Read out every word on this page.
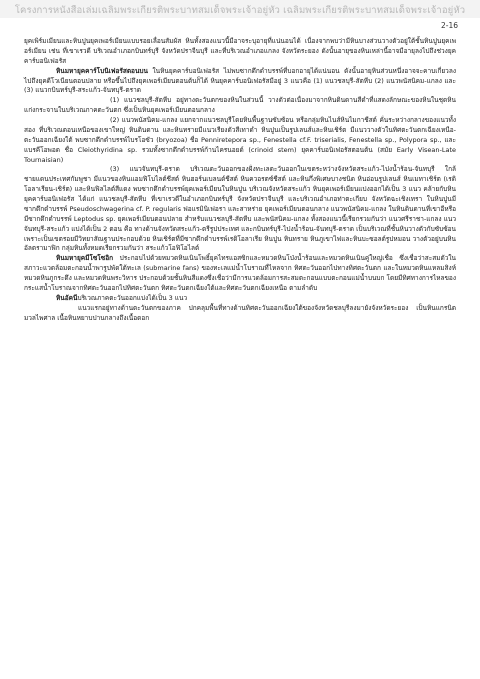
โครงการหนังสือเล่มเฉลิมพระเกียรติพระบาทสมเด็จพระเจ้าอยู่หัว เฉลิมพระเกียรติพระบาทสมเด็จพระเจ้าอยู่หัว
2-16

ยุคเพิร์มเมียนและหินปูนยุคเพอร์เมียนแบบรอยเลื่อนสัมผัส หินทั้งสองแนวนี้มีอาจระบุอายุที่แน่นอนได้ เนื่องจากพบว่ามีหินบางส่วนวางตัวอยู่ใต้ชั้นหินปูนยุคเพอร์เมียน เช่น ที่เขาเรวดี บริเวณอำเภอกบินทร์บุรี จังหวัดปราจีนบุรี และที่บริเวณอำเภอแกลง จังหวัดระยอง ดังนั้นอายุของหินเหล่านี้อาจมีอายุลงไปถึงช่วงยุคคาร์บอนิเฟอรัส

หินมหายุคคาร์โบนิเฟอรัสตอนบน ในหินยุคคาร์บอนิเฟอรัส ไม่พบซากดึกดำบรรพ์ที่บอกอายุได้แน่นอน ดังนั้นอายุหินส่วนหนึ่งอาจจะคาบเกี่ยวลงไปถึงยุคดีโวเนียนตอนปลาย หรือขึ้นไปถึงยุคเพอร์เมียนตอนต้นก็ได้ หินยุคคาร์บอนิเฟอรัสมีอยู่ 3 แนวคือ (1) แนวชลบุรี-สัตหีบ (2) แนวพนัสนิคม-แกลง และ (3) แนวกบินทร์บุรี-สระแก้ว-จันทบุรี-ตราด

(1) แนวชลบุรี-สัตหีบ อยู่ทางตะวันตกของหินในส่วนนี้ วางตัวต่อเนื่องมาจากหินดินดานสีดำที่แสดงลักษณะของหินในชุดหินแก่งกระจานในบริเวณภาคตะวันตก ซึ่งเป็นหินยุคเพอร์เมียนตอนกลาง

(2) แนวพนัสนิคม-แกลง แยกจากแนวชลบุรีโดยหินพื้นฐานซับซ้อน หรือกลุ่มหินไนส์หินไมกาชีสต์ คั่นระหว่างกลางของแนวทั้งสอง ที่บริเวณตอนเหนือของเขาใหญ่ หินดินดาน และหินทรายมีแนวเรียงตัวสีเทาดำ หินปูนเป็นรูปเลนส์และหินเชิร์ต มีแนววางตัวในทิศตะวันตกเฉียงเหนือ-ตะวันออกเฉียงใต้ พบซากดึกดำบรรพ์ไบรโอซัว (bryozoa) ชื่อ Penniretepora sp., Fenestella cf.F. triserialis, Fenestella sp., Polypora sp., และแบรคีโอพอด ชื่อ Cleiothyridina sp. รวมทั้งซากดึกดำบรรพ์ก้านไครนอยด์ (crinoid stem) ยุคคาร์บอนิเฟอรัสตอนต้น (สมัย Early Visean-Late Tournaisian)

(3) แนวจันทบุรี-ตราด บริเวณตะวันออกของฝั่งทะเลตะวันออกในเขตระหว่างจังหวัดสระแก้ว-ไปงน้ำร้อน-จันทบุรี ใกล้ชายแดนประเทศกัมพูชา มีแนวของหินแอมฟิโบไลต์ชีสต์ หินฮอร์นเบลนด์ชีสต์ หินควอรตซ์ชีสต์ และหินกึ่งพิเศษบางชนิด หินอ่อนรูปเลนส์ หินเมทาเชิร์ต (เรดิโอลาเรียน-เชิร์ต) และหินฟิลไลต์สีแดง พบซากดึกดำบรรพ์ยุคเพอร์เมียนในหินปูน บริเวณจังหวัดสระแก้ว หินยุคเพอร์เมียนแบ่งออกได้เป็น 3 แนว คล้ายกับหินยุคคาร์บอนิเฟอรัส ได้แก่ แนวชลบุรี-สัตหีบ ที่เขาเรวดีในอำเภอกบินทร์บุรี จังหวัดปราจีนบุรี และบริเวณอำเภอท่าตะเกียบ จังหวัดฉะเชิงเทรา ในหินปูนมีซากดึกดำบรรพ์ Pseudoschwagerina cf. P. regularis ฟอแรมินิเฟอรา และสาหร่าย ยุคเพอร์เมียนตอนกลาง แนวพนัสนิคม-แกลง ในหินดินดานที่เขาอีหรือ มีซากดึกดำบรรพ์ Leptodus sp. ยุคเพอร์เมียนตอนปลาย สำหรับแนวชลบุรี-สัตหีบ และพนัสนิคม-แกลง ทั้งสองแนวนี้เรียกรวมกันว่า แนวศรีราชา-แกลง แนวจันทบุรี-สระแก้ว แบ่งได้เป็น 2 ตอน คือ ทางด้านจังหวัดสระแก้ว-ตรีรูปประเทศ และกบินทร์บุรี-ไปงน้ำร้อน-จันทบุรี-ตราด เป็นบริเวณที่ชั้นหินวางตัวกับซับซ้อนเพราะเป็นเขตรอยมีวิทยาสัณฐานประกอบด้วย หินเชิร์ตที่มีซากดึกดำบรรพ์เรดิโอลาเรีย หินปูน หินทราย หินภูเขาไฟและหินบะซอลต์รูปหมอน วางตัวอยู่บนหินอัลตรามาฟิก กลุ่มหินทั้งหมดเรียกรวมกันว่า สระแก้วโอฟิโอไลต์

หินมหายุคมีโซโซอิก ประกอบไปด้วยหมวดหินเนินโพธิ์ยุคไทรแอสซิกและหมวดหินโป่งน้ำร้อนและหมวดหินเนินคู่ใหญ่เชื่อ ซึ่งเชื่อว่าสะสมตัวในสภาวะแวดล้อมตะกอนน้ำพารูปพัดใต้ทะเล (submarine fans) ของทะเลแม่น้ำโบราณที่ไหลจาก ทิศตะวันออกไปทางทิศตะวันตก และในหมวดหินแหลมสิงห์ หมวดหินภูกระดึง และหมวดหินพระวิหาร ประกอบด้วยชั้นหินสีแดงซึ่งเชื่อว่ามีการแวดล้อมการสะสมตะกอนแบบตะกอนแม่น้ำบนบก โดยมีทิศทางการไหลของกระแสน้ำโบราณจากทิศตะวันออกไปทิศตะวันตก ทิศตะวันตกเฉียงใต้และทิศตะวันตกเฉียงเหนือ ตามลำดับ

หินอัคนีบริเวณภาคตะวันออกแบ่งได้เป็น 3 แนว

แนวแรกอยู่ทางด้านตะวันตกของภาค ปกคลุมพื้นที่ทางด้านทิศตะวันออกเฉียงใต้ของจังหวัดชลบุรีลงมายังจังหวัดระยอง เป็นหินแกรนิตมวลไพศาล เนื้อหินหยาบปานกลางถึงเนื้อดอก
